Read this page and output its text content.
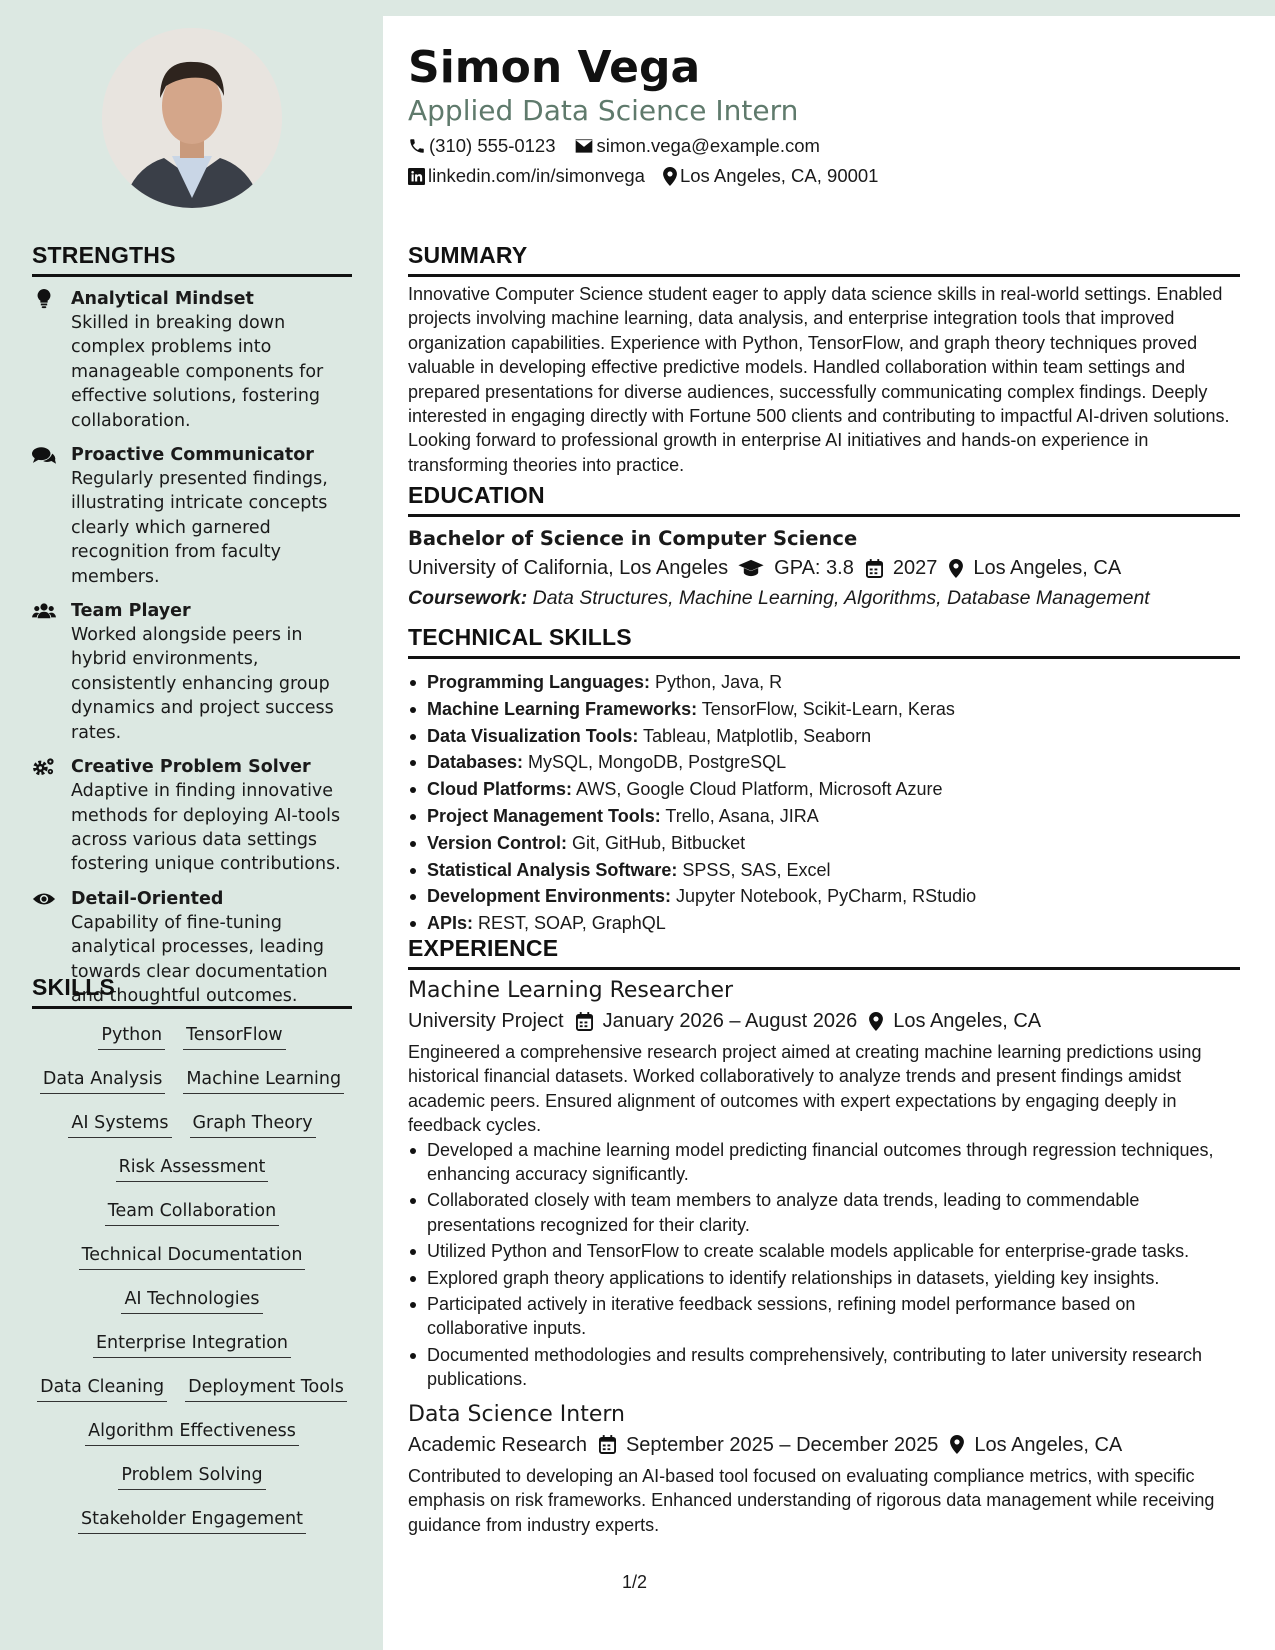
STRENGTHS
Analytical Mindset
Skilled in breaking down complex problems into manageable components for effective solutions, fostering collaboration.
Proactive Communicator
Regularly presented findings, illustrating intricate concepts clearly which garnered recognition from faculty members.
Team Player
Worked alongside peers in hybrid environments, consistently enhancing group dynamics and project success rates.
Creative Problem Solver
Adaptive in finding innovative methods for deploying AI-tools across various data settings fostering unique contributions.
Detail-Oriented
Capability of fine-tuning analytical processes, leading towards clear documentation and thoughtful outcomes.
SKILLS
Python TensorFlow
Data Analysis Machine Learning
AI Systems Graph Theory
Risk Assessment
Team Collaboration
Technical Documentation
AI Technologies
Enterprise Integration
Data Cleaning Deployment Tools
Algorithm Effectiveness
Problem Solving
Stakeholder Engagement
Simon Vega
Applied Data Science Intern
(310) 555-0123 simon.vega@example.com
linkedin.com/in/simonvega Los Angeles, CA, 90001
SUMMARY
Innovative Computer Science student eager to apply data science skills in real-world settings. Enabled projects involving machine learning, data analysis, and enterprise integration tools that improved organization capabilities. Experience with Python, TensorFlow, and graph theory techniques proved valuable in developing effective predictive models. Handled collaboration within team settings and prepared presentations for diverse audiences, successfully communicating complex findings. Deeply interested in engaging directly with Fortune 500 clients and contributing to impactful AI-driven solutions. Looking forward to professional growth in enterprise AI initiatives and hands-on experience in transforming theories into practice.
EDUCATION
Bachelor of Science in Computer Science
University of California, Los Angeles GPA: 3.8 2027 Los Angeles, CA
Coursework: Data Structures, Machine Learning, Algorithms, Database Management
TECHNICAL SKILLS
Programming Languages: Python, Java, R
Machine Learning Frameworks: TensorFlow, Scikit-Learn, Keras
Data Visualization Tools: Tableau, Matplotlib, Seaborn
Databases: MySQL, MongoDB, PostgreSQL
Cloud Platforms: AWS, Google Cloud Platform, Microsoft Azure
Project Management Tools: Trello, Asana, JIRA
Version Control: Git, GitHub, Bitbucket
Statistical Analysis Software: SPSS, SAS, Excel
Development Environments: Jupyter Notebook, PyCharm, RStudio
APIs: REST, SOAP, GraphQL
EXPERIENCE
Machine Learning Researcher
University Project January 2026 – August 2026 Los Angeles, CA
Engineered a comprehensive research project aimed at creating machine learning predictions using historical financial datasets. Worked collaboratively to analyze trends and present findings amidst academic peers. Ensured alignment of outcomes with expert expectations by engaging deeply in feedback cycles.
Developed a machine learning model predicting financial outcomes through regression techniques, enhancing accuracy significantly.
Collaborated closely with team members to analyze data trends, leading to commendable presentations recognized for their clarity.
Utilized Python and TensorFlow to create scalable models applicable for enterprise-grade tasks.
Explored graph theory applications to identify relationships in datasets, yielding key insights.
Participated actively in iterative feedback sessions, refining model performance based on collaborative inputs.
Documented methodologies and results comprehensively, contributing to later university research publications.
Data Science Intern
Academic Research September 2025 – December 2025 Los Angeles, CA
Contributed to developing an AI-based tool focused on evaluating compliance metrics, with specific emphasis on risk frameworks. Enhanced understanding of rigorous data management while receiving guidance from industry experts.
1/2
